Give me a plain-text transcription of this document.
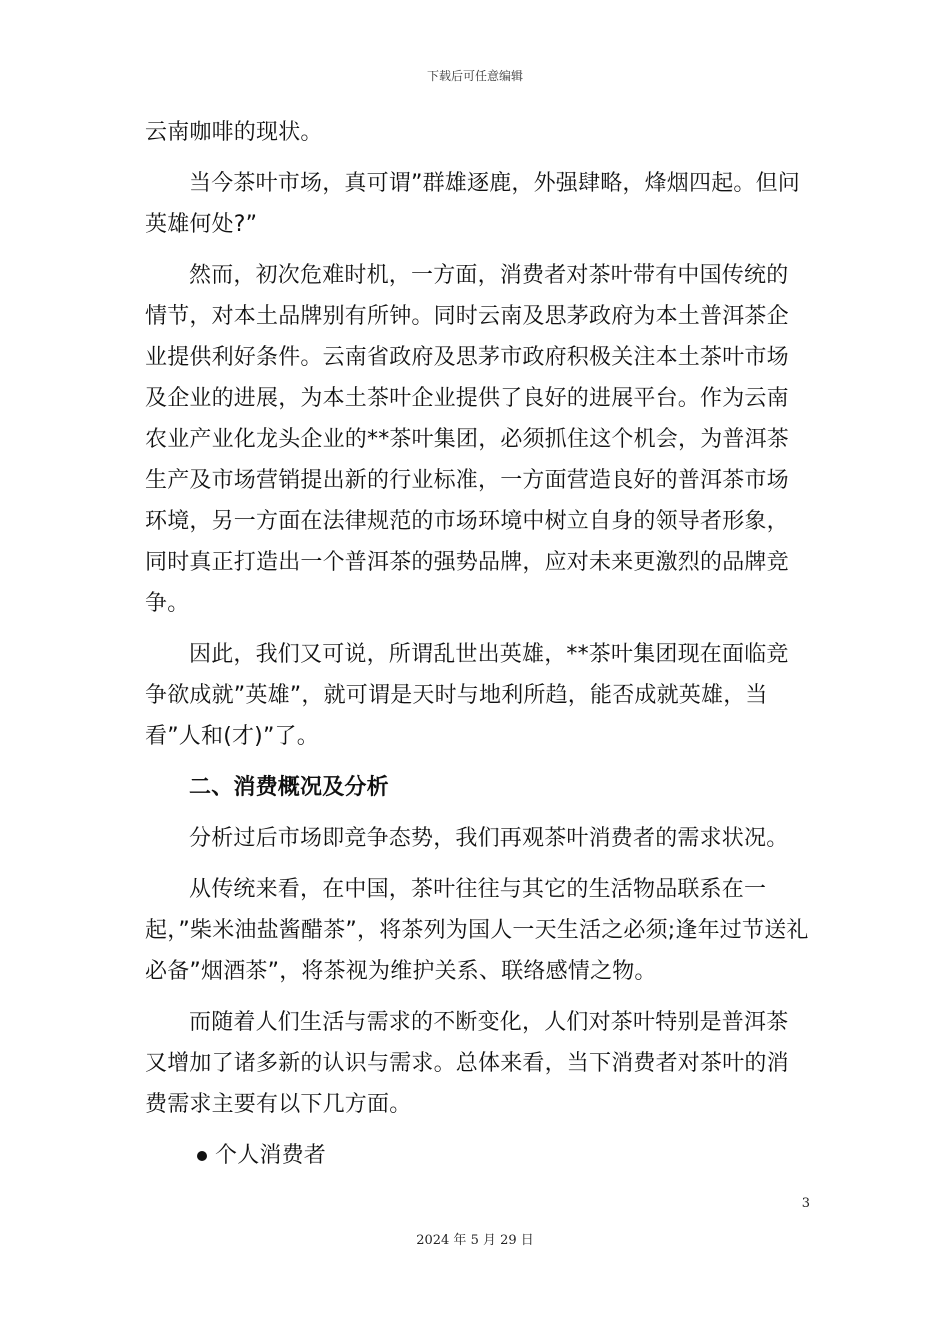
下载后可任意编辑

云南咖啡的现状。

当今茶叶市场，真可谓”群雄逐鹿，外强肆略，烽烟四起。但问英雄何处?”

然而，初次危难时机，一方面，消费者对茶叶带有中国传统的情节，对本土品牌别有所钟。同时云南及思茅政府为本土普洱茶企业提供利好条件。云南省政府及思茅市政府积极关注本土茶叶市场及企业的进展，为本土茶叶企业提供了良好的进展平台。作为云南农业产业化龙头企业的**茶叶集团，必须抓住这个机会，为普洱茶生产及市场营销提出新的行业标准，一方面营造良好的普洱茶市场环境，另一方面在法律规范的市场环境中树立自身的领导者形象，同时真正打造出一个普洱茶的强势品牌，应对未来更激烈的品牌竞争。

因此，我们又可说，所谓乱世出英雄，**茶叶集团现在面临竞争欲成就”英雄”，就可谓是天时与地利所趋，能否成就英雄，当看”人和(才)”了。

二、消费概况及分析

分析过后市场即竞争态势，我们再观茶叶消费者的需求状况。

从传统来看，在中国，茶叶往往与其它的生活物品联系在一起，”柴米油盐酱醋茶”，将茶列为国人一天生活之必须;逢年过节送礼必备”烟酒茶”，将茶视为维护关系、联络感情之物。

而随着人们生活与需求的不断变化，人们对茶叶特别是普洱茶又增加了诸多新的认识与需求。总体来看，当下消费者对茶叶的消费需求主要有以下几方面。

个人消费者
3
2024 年 5 月 29 日
